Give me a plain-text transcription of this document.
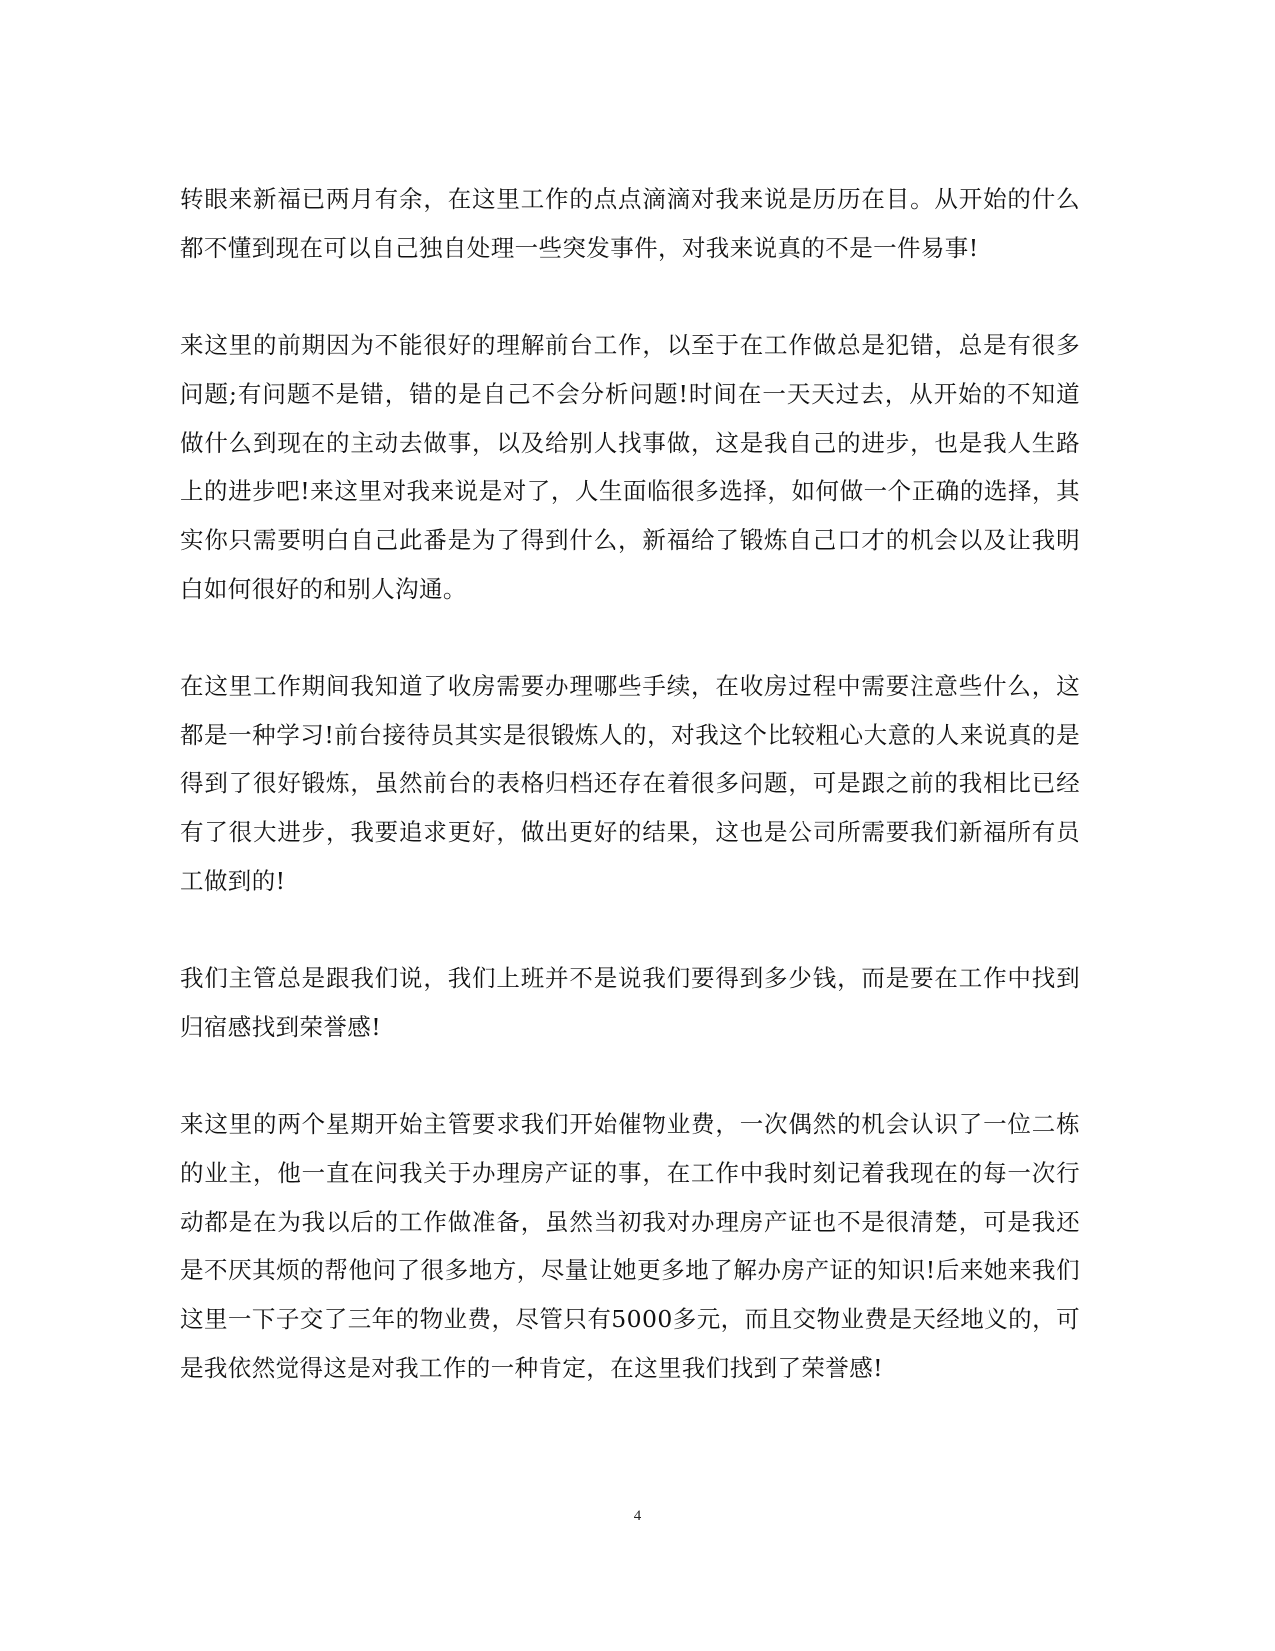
转眼来新福已两月有余，在这里工作的点点滴滴对我来说是历历在目。从开始的什么都不懂到现在可以自己独自处理一些突发事件，对我来说真的不是一件易事!

来这里的前期因为不能很好的理解前台工作，以至于在工作做总是犯错，总是有很多问题;有问题不是错，错的是自己不会分析问题!时间在一天天过去，从开始的不知道做什么到现在的主动去做事，以及给别人找事做，这是我自己的进步，也是我人生路上的进步吧!来这里对我来说是对了，人生面临很多选择，如何做一个正确的选择，其实你只需要明白自己此番是为了得到什么，新福给了锻炼自己口才的机会以及让我明白如何很好的和别人沟通。

在这里工作期间我知道了收房需要办理哪些手续，在收房过程中需要注意些什么，这都是一种学习!前台接待员其实是很锻炼人的，对我这个比较粗心大意的人来说真的是得到了很好锻炼，虽然前台的表格归档还存在着很多问题，可是跟之前的我相比已经有了很大进步，我要追求更好，做出更好的结果，这也是公司所需要我们新福所有员工做到的!

我们主管总是跟我们说，我们上班并不是说我们要得到多少钱，而是要在工作中找到归宿感找到荣誉感!

来这里的两个星期开始主管要求我们开始催物业费，一次偶然的机会认识了一位二栋的业主，他一直在问我关于办理房产证的事，在工作中我时刻记着我现在的每一次行动都是在为我以后的工作做准备，虽然当初我对办理房产证也不是很清楚，可是我还是不厌其烦的帮他问了很多地方，尽量让她更多地了解办房产证的知识!后来她来我们这里一下子交了三年的物业费，尽管只有5000多元，而且交物业费是天经地义的，可是我依然觉得这是对我工作的一种肯定，在这里我们找到了荣誉感!

4
